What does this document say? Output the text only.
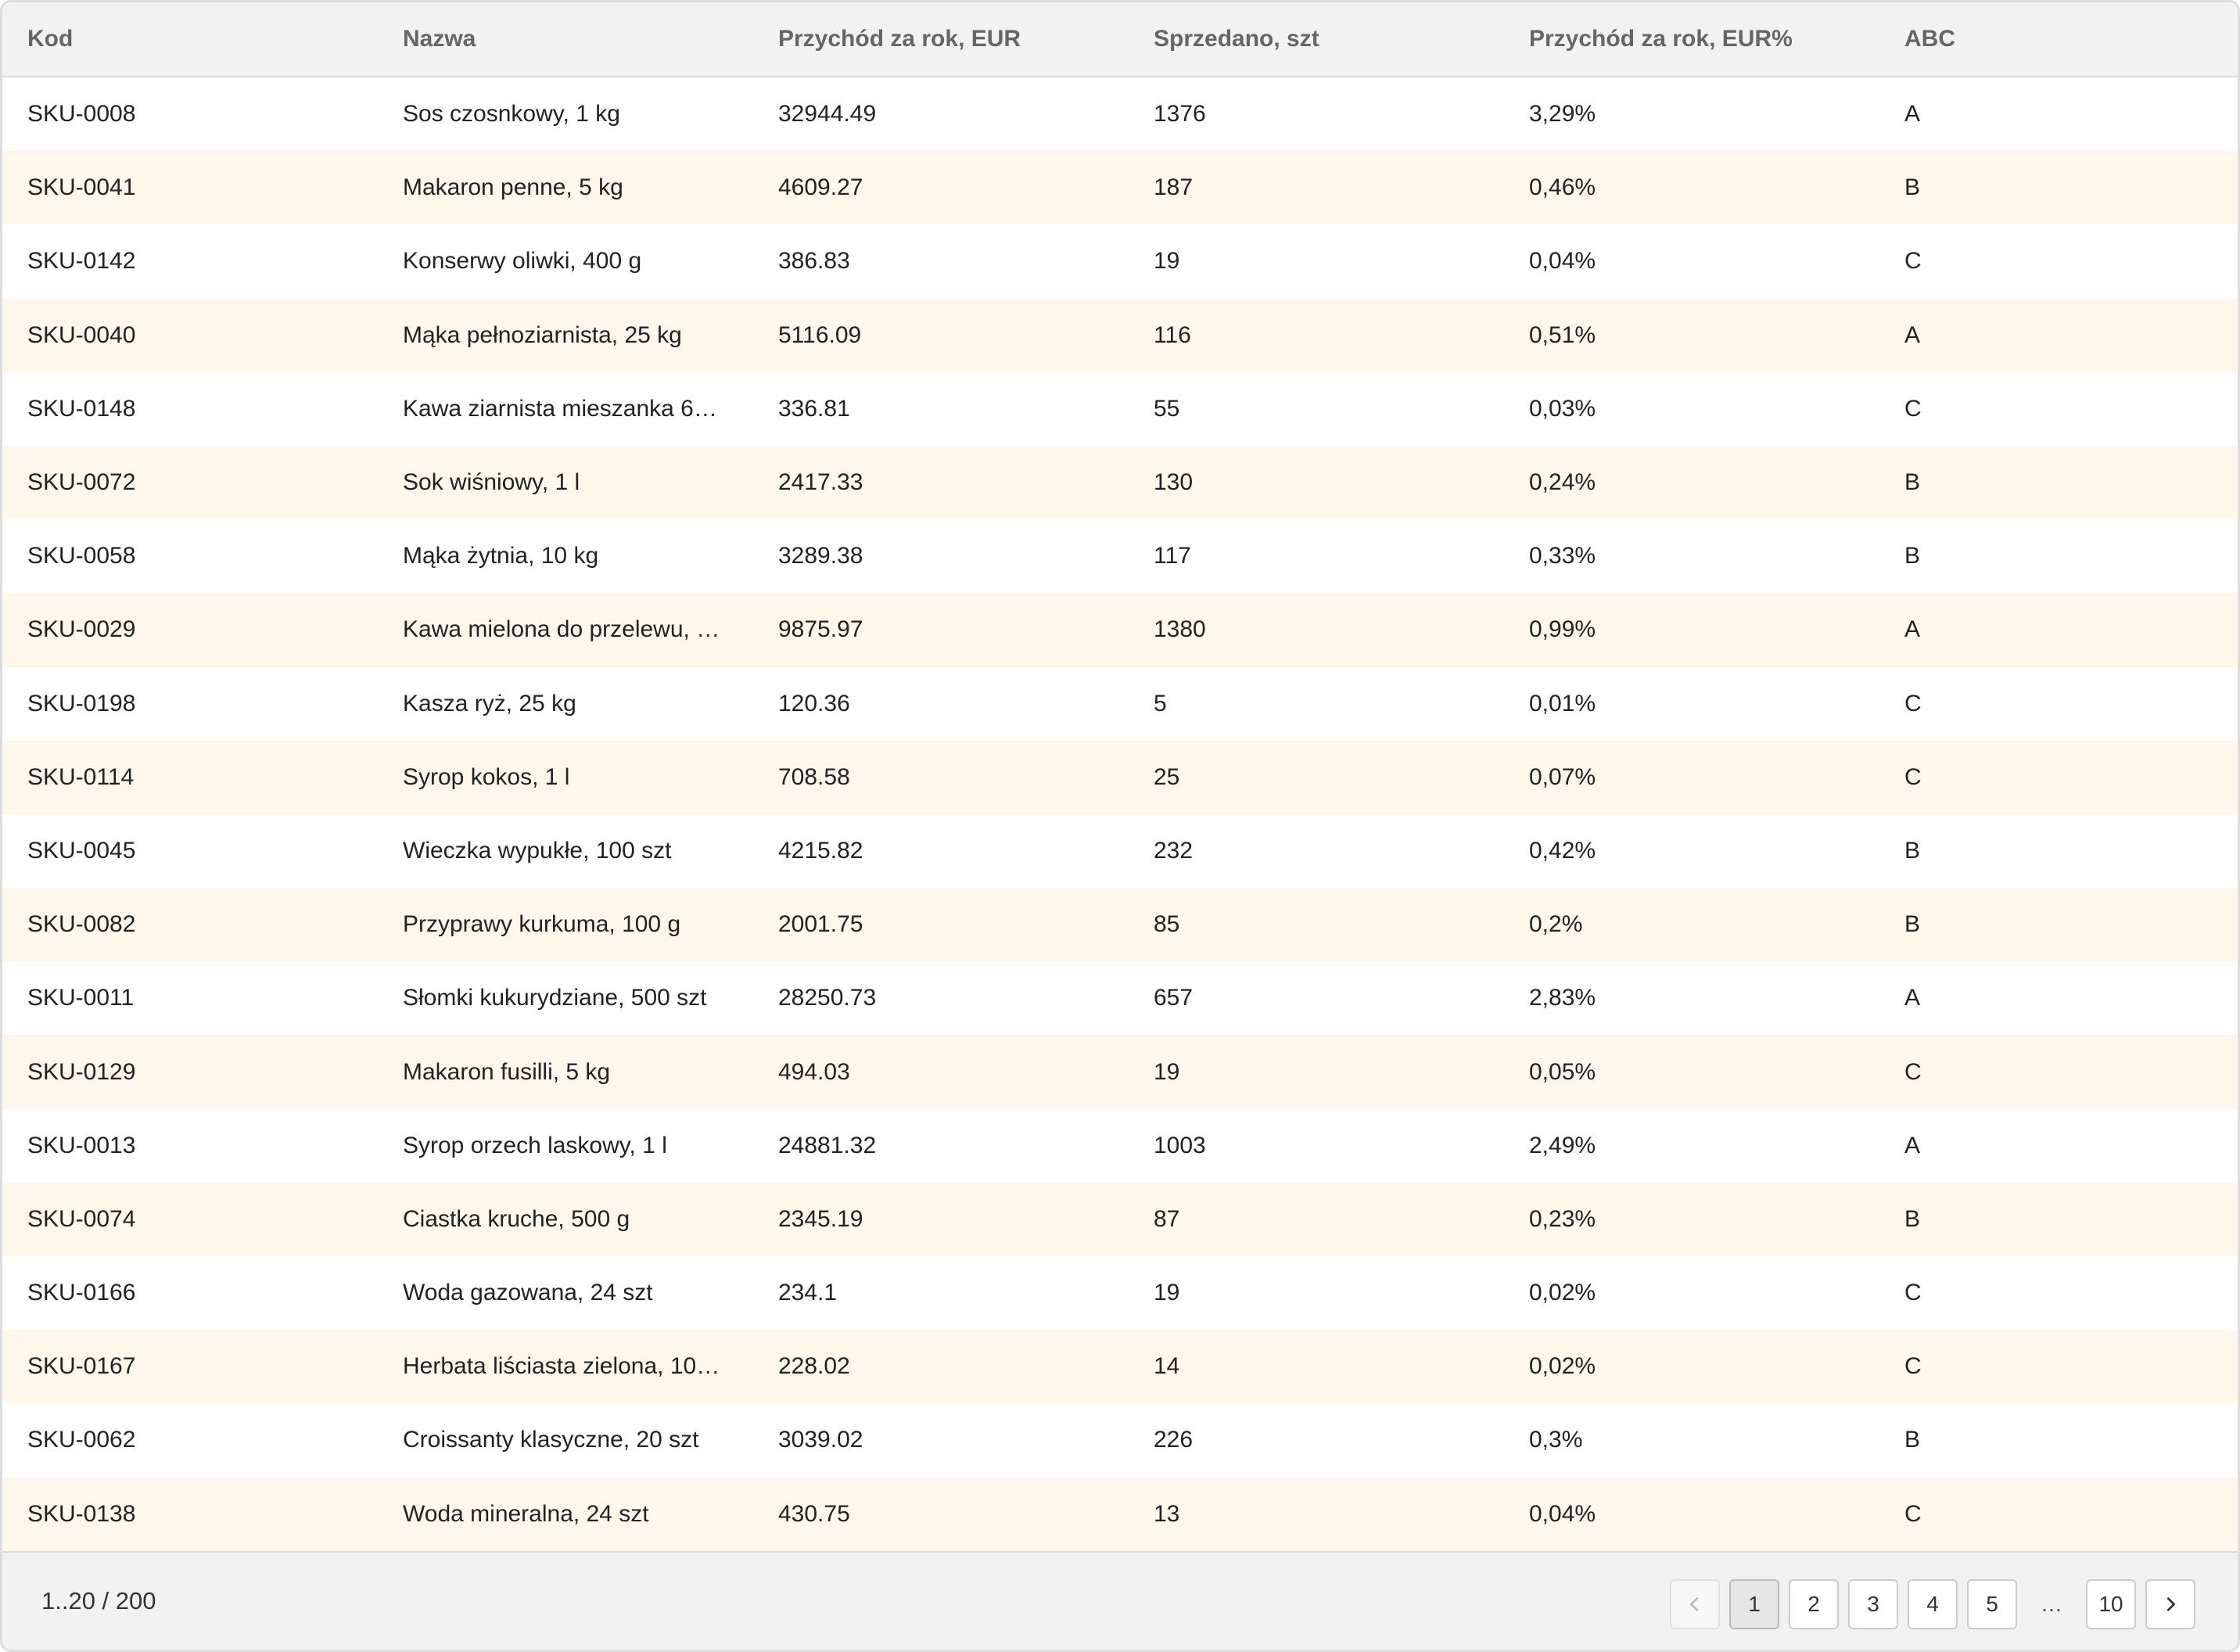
Kod	Nazwa	Przychód za rok, EUR	Sprzedano, szt	Przychód za rok, EUR%	ABC
SKU-0008	Sos czosnkowy, 1 kg	32944.49	1376	3,29%	A
SKU-0041	Makaron penne, 5 kg	4609.27	187	0,46%	B
SKU-0142	Konserwy oliwki, 400 g	386.83	19	0,04%	C
SKU-0040	Mąka pełnoziarnista, 25 kg	5116.09	116	0,51%	A
SKU-0148	Kawa ziarnista mieszanka 6…	336.81	55	0,03%	C
SKU-0072	Sok wiśniowy, 1 l	2417.33	130	0,24%	B
SKU-0058	Mąka żytnia, 10 kg	3289.38	117	0,33%	B
SKU-0029	Kawa mielona do przelewu, …	9875.97	1380	0,99%	A
SKU-0198	Kasza ryż, 25 kg	120.36	5	0,01%	C
SKU-0114	Syrop kokos, 1 l	708.58	25	0,07%	C
SKU-0045	Wieczka wypukłe, 100 szt	4215.82	232	0,42%	B
SKU-0082	Przyprawy kurkuma, 100 g	2001.75	85	0,2%	B
SKU-0011	Słomki kukurydziane, 500 szt	28250.73	657	2,83%	A
SKU-0129	Makaron fusilli, 5 kg	494.03	19	0,05%	C
SKU-0013	Syrop orzech laskowy, 1 l	24881.32	1003	2,49%	A
SKU-0074	Ciastka kruche, 500 g	2345.19	87	0,23%	B
SKU-0166	Woda gazowana, 24 szt	234.1	19	0,02%	C
SKU-0167	Herbata liściasta zielona, 10…	228.02	14	0,02%	C
SKU-0062	Croissanty klasyczne, 20 szt	3039.02	226	0,3%	B
SKU-0138	Woda mineralna, 24 szt	430.75	13	0,04%	C
1..20 / 200	1	2	3	4	5	…	10
